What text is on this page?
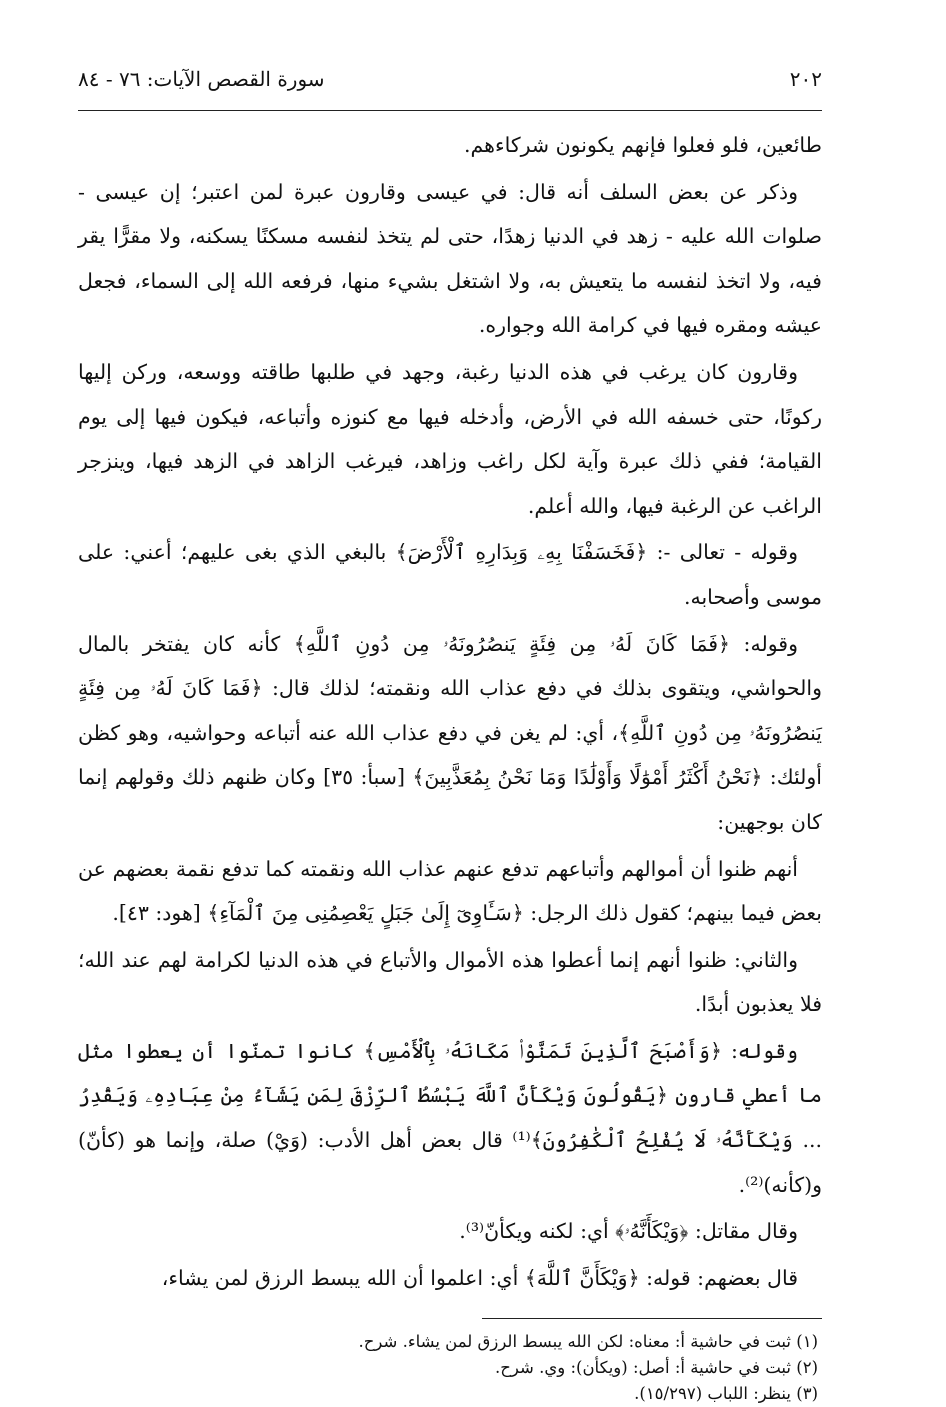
٢٠٢
سورة القصص الآيات: ٧٦ - ٨٤

طائعين، فلو فعلوا فإنهم يكونون شركاءهم.

وذكر عن بعض السلف أنه قال: في عيسى وقارون عبرة لمن اعتبر؛ إن عيسى - صلوات الله عليه - زهد في الدنيا زهدًا، حتى لم يتخذ لنفسه مسكنًا يسكنه، ولا مقرًّا يقر فيه، ولا اتخذ لنفسه ما يتعيش به، ولا اشتغل بشيء منها، فرفعه الله إلى السماء، فجعل عيشه ومقره فيها في كرامة الله وجواره.

وقارون كان يرغب في هذه الدنيا رغبة، وجهد في طلبها طاقته ووسعه، وركن إليها ركونًا، حتى خسفه الله في الأرض، وأدخله فيها مع كنوزه وأتباعه، فيكون فيها إلى يوم القيامة؛ ففي ذلك عبرة وآية لكل راغب وزاهد، فيرغب الزاهد في الزهد فيها، وينزجر الراغب عن الرغبة فيها، والله أعلم.

وقوله - تعالى -: ﴿فَخَسَفْنَا بِهِۦ وَبِدَارِهِ ٱلْأَرْضَ﴾ بالبغي الذي بغى عليهم؛ أعني: على موسى وأصحابه.

وقوله: ﴿فَمَا كَانَ لَهُۥ مِن فِئَةٍ يَنصُرُونَهُۥ مِن دُونِ ٱللَّهِ﴾ كأنه كان يفتخر بالمال والحواشي، ويتقوى بذلك في دفع عذاب الله ونقمته؛ لذلك قال: ﴿فَمَا كَانَ لَهُۥ مِن فِئَةٍ يَنصُرُونَهُۥ مِن دُونِ ٱللَّهِ﴾، أي: لم يغن في دفع عذاب الله عنه أتباعه وحواشيه، وهو كظن أولئك: ﴿نَحْنُ أَكْثَرُ أَمْوَٰلًا وَأَوْلَٰدًا وَمَا نَحْنُ بِمُعَذَّبِينَ﴾ [سبأ: ٣٥] وكان ظنهم ذلك وقولهم إنما كان بوجهين:

أنهم ظنوا أن أموالهم وأتباعهم تدفع عنهم عذاب الله ونقمته كما تدفع نقمة بعضهم عن بعض فيما بينهم؛ كقول ذلك الرجل: ﴿سَـَٔاوِىٓ إِلَىٰ جَبَلٍ يَعْصِمُنِى مِنَ ٱلْمَآءِ﴾ [هود: ٤٣].

والثاني: ظنوا أنهم إنما أعطوا هذه الأموال والأتباع في هذه الدنيا لكرامة لهم عند الله؛ فلا يعذبون أبدًا.

وقوله: ﴿وَأَصْبَحَ ٱلَّذِينَ تَمَنَّوْا۟ مَكَانَهُۥ بِٱلْأَمْسِ﴾ كانوا تمنّوا أن يعطوا مثل ما أعطي قارون ﴿يَقُولُونَ وَيْكَأَنَّ ٱللَّهَ يَبْسُطُ ٱلرِّزْقَ لِمَن يَشَآءُ مِنْ عِبَادِهِۦ وَيَقْدِرُ ... وَيْكَأَنَّهُۥ لَا يُفْلِحُ ٱلْكَٰفِرُونَ﴾⁽¹⁾ قال بعض أهل الأدب: (وَيْ) صلة، وإنما هو (كأنّ) و(كأنه)⁽²⁾.

وقال مقاتل: ﴿وَيْكَأَنَّهُۥ﴾ أي: لكنه ويكأنّ⁽³⁾.

قال بعضهم: قوله: ﴿وَيْكَأَنَّ ٱللَّهَ﴾ أي: اعلموا أن الله يبسط الرزق لمن يشاء،

(١) ثبت في حاشية أ: معناه: لكن الله يبسط الرزق لمن يشاء. شرح.

(٢) ثبت في حاشية أ: أصل: (ويكأن): وي. شرح.

(٣) ينظر: اللباب (١٥/٢٩٧).
